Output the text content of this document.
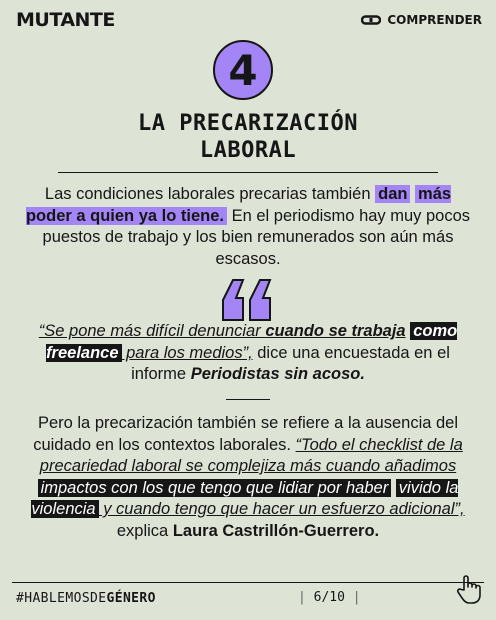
MUTANTE	COMPRENDER
4
LA PRECARIZACIÓN
LABORAL
Las condiciones laborales precarias también dan más poder a quien ya lo tiene. En el periodismo hay muy pocos puestos de trabajo y los bien remunerados son aún más escasos.
“Se pone más difícil denunciar cuando se trabaja como freelance para los medios”, dice una encuestada en el informe Periodistas sin acoso.
Pero la precarización también se refiere a la ausencia del cuidado en los contextos laborales. “Todo el checklist de la precariedad laboral se complejiza más cuando añadimos impactos con los que tengo que lidiar por haber vivido la violencia y cuando tengo que hacer un esfuerzo adicional”, explica Laura Castrillón-Guerrero.
#HABLEMOSDEGÉNERO	| 6/10 |
